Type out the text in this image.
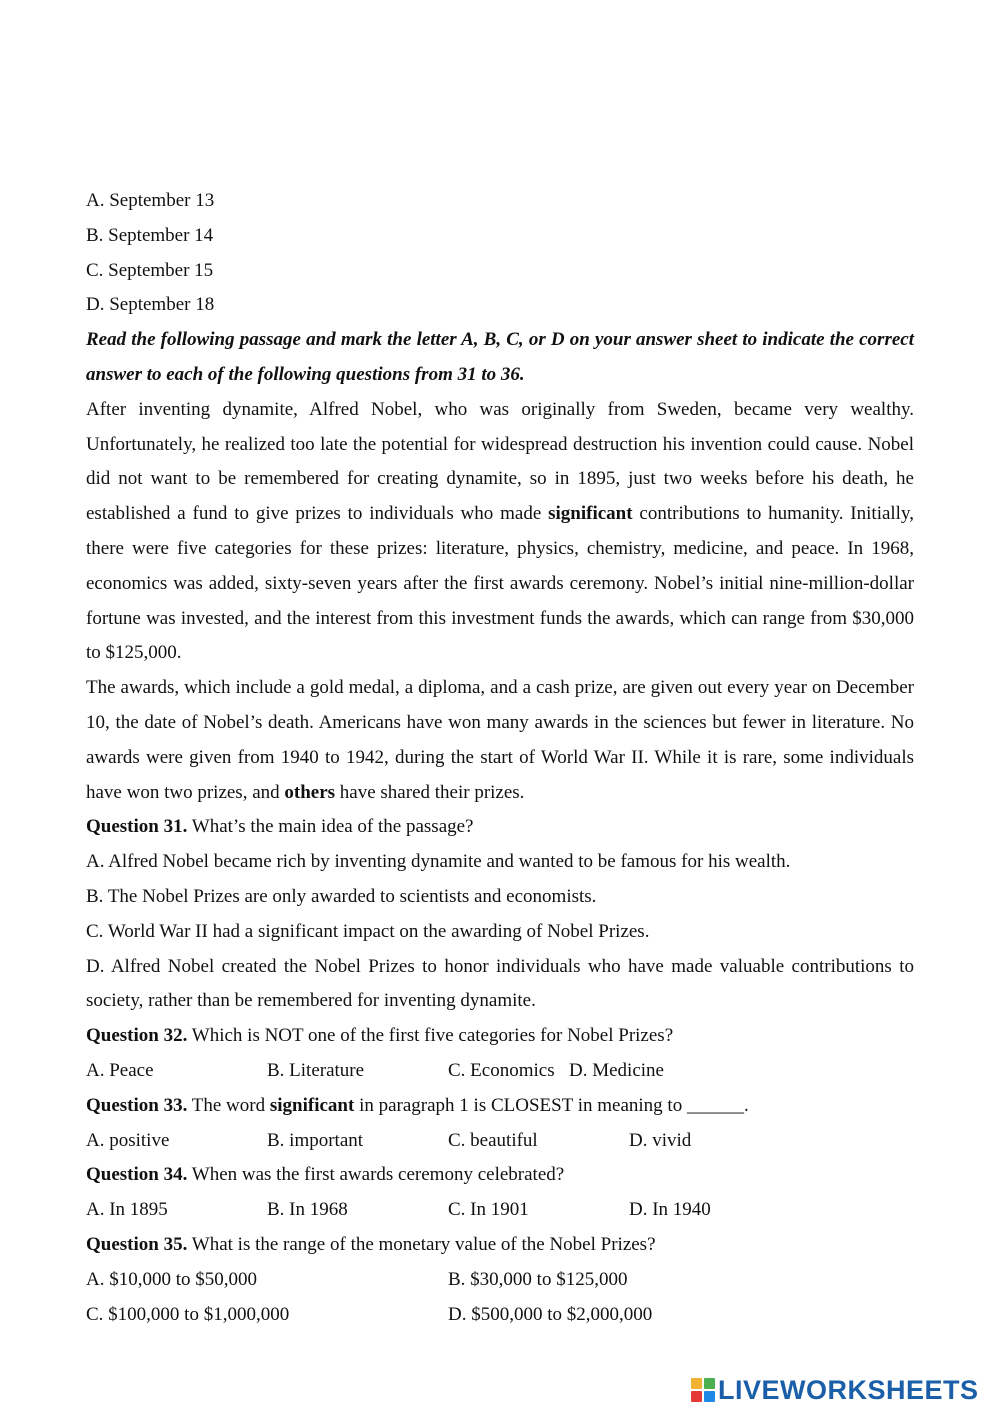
A. September 13
B. September 14
C. September 15
D. September 18
Read the following passage and mark the letter A, B, C, or D on your answer sheet to indicate the correct answer to each of the following questions from 31 to 36.
After inventing dynamite, Alfred Nobel, who was originally from Sweden, became very wealthy. Unfortunately, he realized too late the potential for widespread destruction his invention could cause. Nobel did not want to be remembered for creating dynamite, so in 1895, just two weeks before his death, he established a fund to give prizes to individuals who made significant contributions to humanity. Initially, there were five categories for these prizes: literature, physics, chemistry, medicine, and peace. In 1968, economics was added, sixty-seven years after the first awards ceremony. Nobel’s initial nine-million-dollar fortune was invested, and the interest from this investment funds the awards, which can range from $30,000 to $125,000.
The awards, which include a gold medal, a diploma, and a cash prize, are given out every year on December 10, the date of Nobel’s death. Americans have won many awards in the sciences but fewer in literature. No awards were given from 1940 to 1942, during the start of World War II. While it is rare, some individuals have won two prizes, and others have shared their prizes.
Question 31. What’s the main idea of the passage?
A. Alfred Nobel became rich by inventing dynamite and wanted to be famous for his wealth.
B. The Nobel Prizes are only awarded to scientists and economists.
C. World War II had a significant impact on the awarding of Nobel Prizes.
D. Alfred Nobel created the Nobel Prizes to honor individuals who have made valuable contributions to society, rather than be remembered for inventing dynamite.
Question 32. Which is NOT one of the first five categories for Nobel Prizes?
A. Peace	B. Literature	C. Economics D. Medicine
Question 33. The word significant in paragraph 1 is CLOSEST in meaning to ______.
A. positive	B. important	C. beautiful	D. vivid
Question 34. When was the first awards ceremony celebrated?
A. In 1895	B. In 1968	C. In 1901	D. In 1940
Question 35. What is the range of the monetary value of the Nobel Prizes?
A. $10,000 to $50,000	B. $30,000 to $125,000
C. $100,000 to $1,000,000	D. $500,000 to $2,000,000
LIVEWORKSHEETS
